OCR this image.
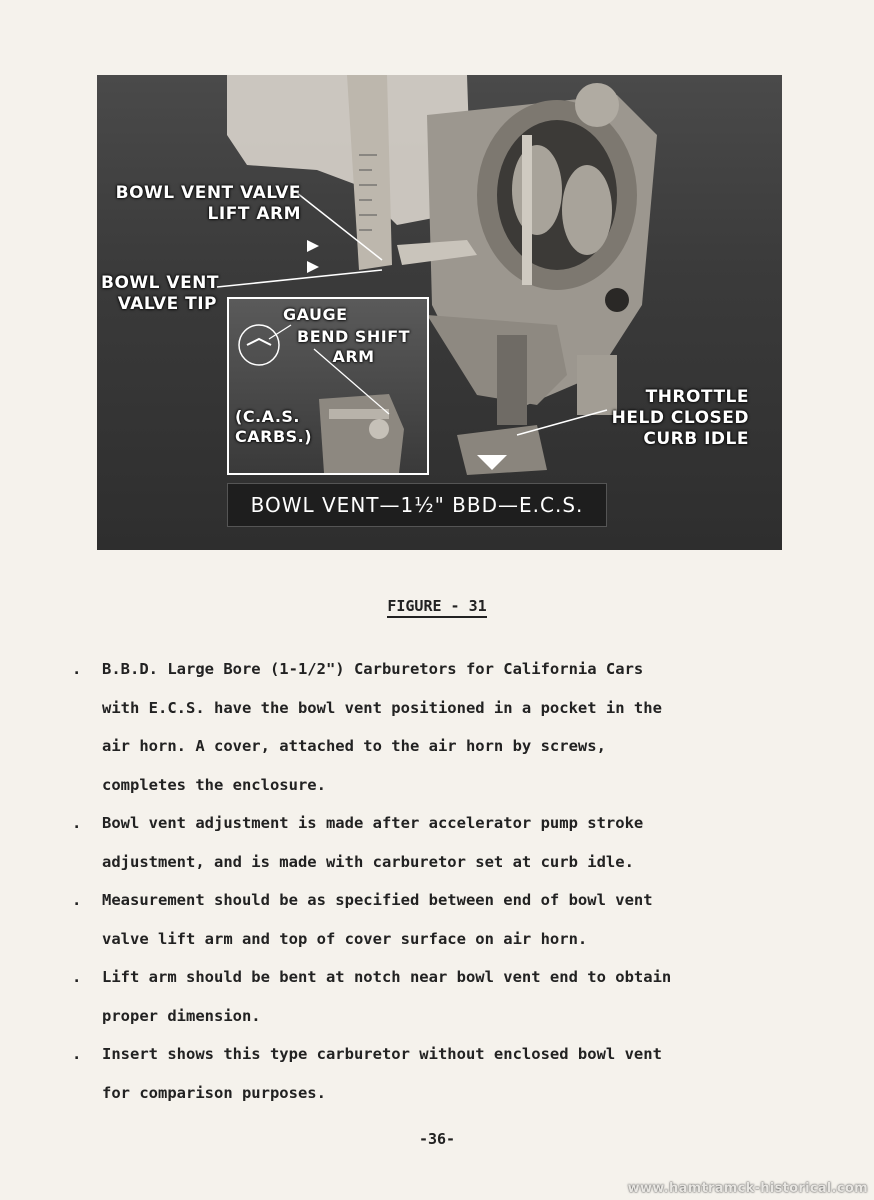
BOWL VENT VALVE
LIFT ARM
BOWL VENT
VALVE TIP
THROTTLE
HELD CLOSED
CURB IDLE
GAUGE
BEND SHIFT
ARM
(C.A.S.
CARBS.)
BOWL VENT—1½" BBD—E.C.S.
FIGURE - 31
. B.B.D. Large Bore (1-1/2") Carburetors for California Cars
with E.C.S. have the bowl vent positioned in a pocket in the
air horn. A cover, attached to the air horn by screws,
completes the enclosure.
. Bowl vent adjustment is made after accelerator pump stroke
adjustment, and is made with carburetor set at curb idle.
. Measurement should be as specified between end of bowl vent
valve lift arm and top of cover surface on air horn.
. Lift arm should be bent at notch near bowl vent end to obtain
proper dimension.
. Insert shows this type carburetor without enclosed bowl vent
for comparison purposes.
-36-
www.hamtramck-historical.com
